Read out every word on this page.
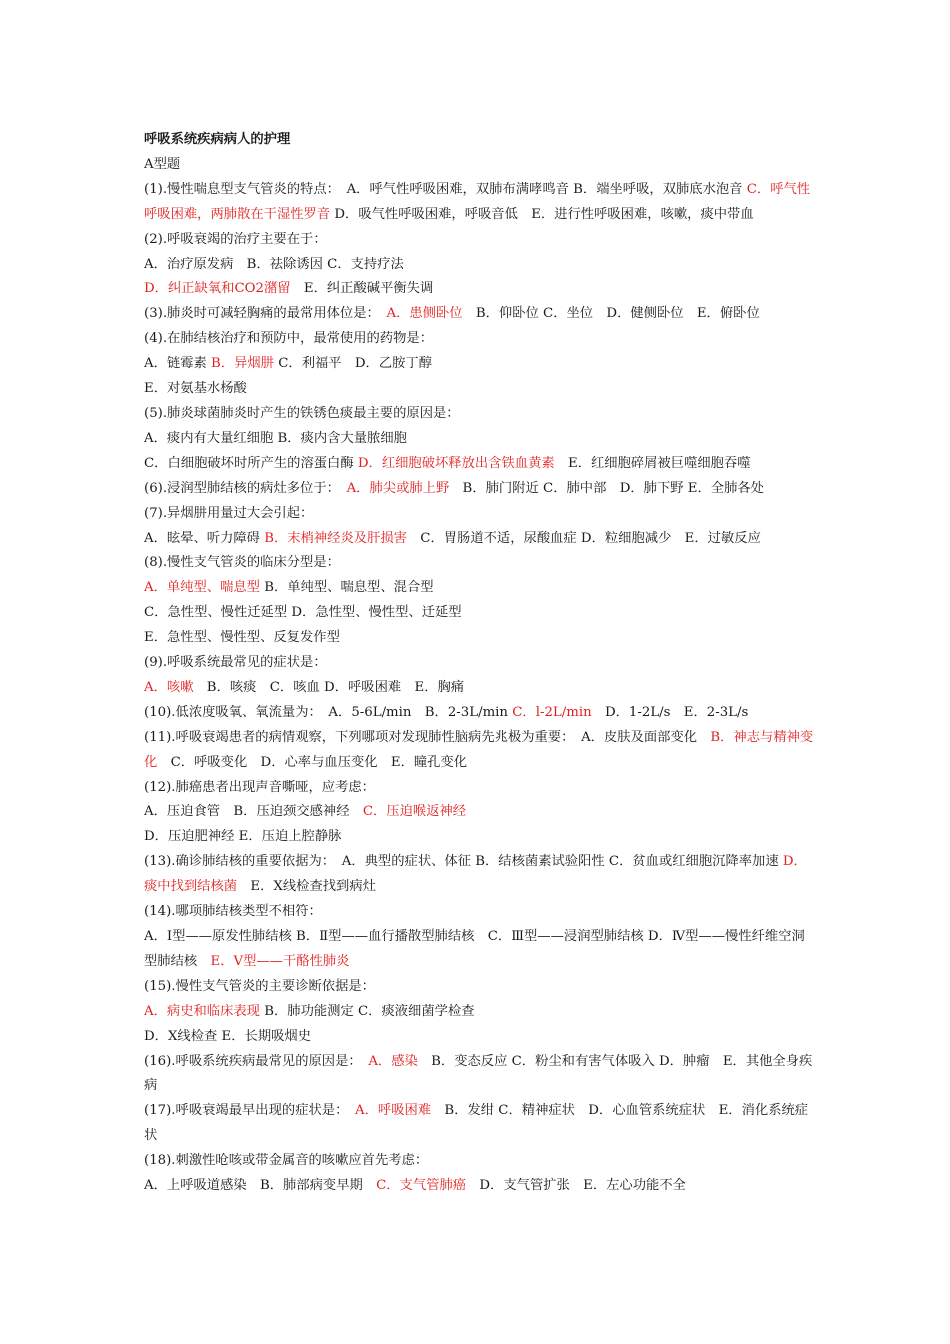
呼吸系统疾病病人的护理
A型题
(1).慢性喘息型支气管炎的特点：　A．呼气性呼吸困难，双肺布满哮鸣音 B．端坐呼吸，双肺底水泡音 C．呼气性呼吸困难，两肺散在干湿性罗音 D．吸气性呼吸困难，呼吸音低　E．进行性呼吸困难，咳嗽，痰中带血
(2).呼吸衰竭的治疗主要在于：
A．治疗原发病　B．祛除诱因 C．支持疗法
D．纠正缺氧和CO2潴留　E．纠正酸碱平衡失调
(3).肺炎时可减轻胸痛的最常用体位是：　A．患侧卧位　B．仰卧位 C．坐位　D．健侧卧位　E．俯卧位
(4).在肺结核治疗和预防中，最常使用的药物是：
A．链霉素 B．异烟肼 C．利福平　D．乙胺丁醇
E．对氨基水杨酸
(5).肺炎球菌肺炎时产生的铁锈色痰最主要的原因是：
A．痰内有大量红细胞 B．痰内含大量脓细胞
C．白细胞破坏时所产生的溶蛋白酶 D．红细胞破坏释放出含铁血黄素　E．红细胞碎屑被巨噬细胞吞噬
(6).浸润型肺结核的病灶多位于：　A．肺尖或肺上野　B．肺门附近 C．肺中部　D．肺下野 E．全肺各处
(7).异烟肼用量过大会引起：
A．眩晕、听力障碍 B．末梢神经炎及肝损害　C．胃肠道不适，尿酸血症 D．粒细胞减少　E．过敏反应
(8).慢性支气管炎的临床分型是：
A．单纯型、喘息型 B．单纯型、喘息型、混合型
C．急性型、慢性迁延型 D．急性型、慢性型、迁延型
E．急性型、慢性型、反复发作型
(9).呼吸系统最常见的症状是：
A．咳嗽　B．咳痰　C．咳血 D．呼吸困难　E．胸痛
(10).低浓度吸氧、氧流量为：　A．5-6L/min　B．2-3L/min C．l-2L/min　D．1-2L/s　E．2-3L/s
(11).呼吸衰竭患者的病情观察，下列哪项对发现肺性脑病先兆极为重要：　A．皮肤及面部变化　B．神志与精神变化　C．呼吸变化　D．心率与血压变化　E．瞳孔变化
(12).肺癌患者出现声音嘶哑，应考虑：
A．压迫食管　B．压迫颈交感神经　C．压迫喉返神经
D．压迫肥神经 E．压迫上腔静脉
(13).确诊肺结核的重要依据为：　A．典型的症状、体征 B．结核菌素试验阳性 C．贫血或红细胞沉降率加速 D．痰中找到结核菌　E．X线检查找到病灶
(14).哪项肺结核类型不相符：
A．Ⅰ型——原发性肺结核 B．Ⅱ型——血行播散型肺结核　C．Ⅲ型——浸润型肺结核 D．Ⅳ型——慢性纤维空洞型肺结核　E．Ⅴ型——干酪性肺炎
(15).慢性支气管炎的主要诊断依据是：
A．病史和临床表现 B．肺功能测定 C．痰液细菌学检查
D．X线检查 E．长期吸烟史
(16).呼吸系统疾病最常见的原因是：　A．感染　B．变态反应 C．粉尘和有害气体吸入 D．肿瘤　E．其他全身疾病
(17).呼吸衰竭最早出现的症状是：　A．呼吸困难　B．发绀 C．精神症状　D．心血管系统症状　E．消化系统症状
(18).刺激性呛咳或带金属音的咳嗽应首先考虑：
A．上呼吸道感染　B．肺部病变早期　C．支气管肺癌　D．支气管扩张　E．左心功能不全
